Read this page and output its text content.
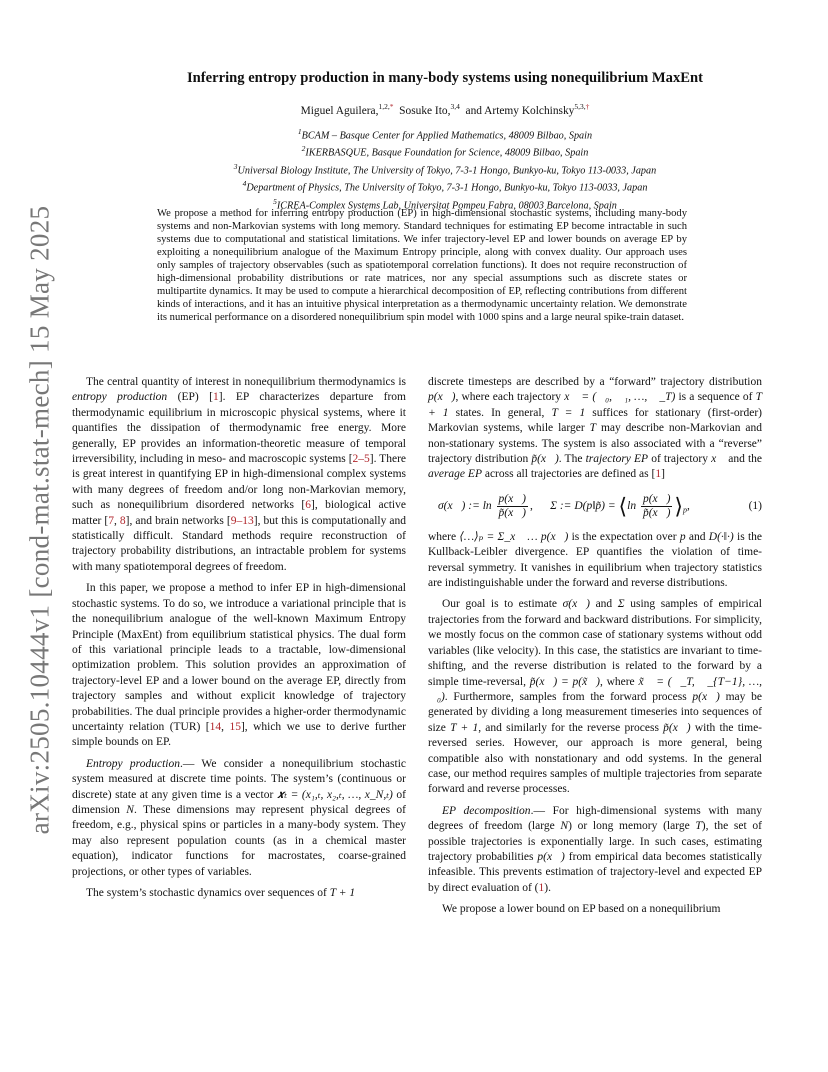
arXiv:2505.10444v1 [cond-mat.stat-mech] 15 May 2025
Inferring entropy production in many-body systems using nonequilibrium MaxEnt
Miguel Aguilera,$^{1,2,*}$ Sosuke Ito,$^{3,4}$ and Artemy Kolchinsky$^{5,3,\dagger}$
$^1$BCAM – Basque Center for Applied Mathematics, 48009 Bilbao, Spain
$^2$IKERBASQUE, Basque Foundation for Science, 48009 Bilbao, Spain
$^3$Universal Biology Institute, The University of Tokyo, 7-3-1 Hongo, Bunkyo-ku, Tokyo 113-0033, Japan
$^4$Department of Physics, The University of Tokyo, 7-3-1 Hongo, Bunkyo-ku, Tokyo 113-0033, Japan
$^5$ICREA-Complex Systems Lab, Universitat Pompeu Fabra, 08003 Barcelona, Spain
We propose a method for inferring entropy production (EP) in high-dimensional stochastic systems, including many-body systems and non-Markovian systems with long memory. Standard techniques for estimating EP become intractable in such systems due to computational and statistical limitations. We infer trajectory-level EP and lower bounds on average EP by exploiting a nonequilibrium analogue of the Maximum Entropy principle, along with convex duality. Our approach uses only samples of trajectory observables (such as spatiotemporal correlation functions). It does not require reconstruction of high-dimensional probability distributions or rate matrices, nor any special assumptions such as discrete states or multipartite dynamics. It may be used to compute a hierarchical decomposition of EP, reflecting contributions from different kinds of interactions, and it has an intuitive physical interpretation as a thermodynamic uncertainty relation. We demonstrate its numerical performance on a disordered nonequilibrium spin model with 1000 spins and a large neural spike-train dataset.

The central quantity of interest in nonequilibrium thermodynamics is entropy production (EP) [1]. EP characterizes departure from thermodynamic equilibrium in microscopic physical systems, where it quantifies the dissipation of thermodynamic free energy. More generally, EP provides an information-theoretic measure of temporal irreversibility, including in meso- and macroscopic systems [2–5]. There is great interest in quantifying EP in high-dimensional complex systems with many degrees of freedom and/or long non-Markovian memory, such as nonequilibrium disordered networks [6], biological active matter [7, 8], and brain networks [9–13], but this is computationally and statistically difficult. Standard methods require reconstruction of trajectory probability distributions, an intractable problem for systems with many spatiotemporal degrees of freedom.

In this paper, we propose a method to infer EP in high-dimensional stochastic systems. To do so, we introduce a variational principle that is the nonequilibrium analogue of the well-known Maximum Entropy Principle (MaxEnt) from equilibrium statistical physics. The dual form of this variational principle leads to a tractable, low-dimensional optimization problem. This solution provides an approximation of trajectory-level EP and a lower bound on the average EP, directly from trajectory samples and without explicit knowledge of trajectory probabilities. The dual principle provides a higher-order thermodynamic uncertainty relation (TUR) [14, 15], which we use to derive further simple bounds on EP.

Entropy production.— We consider a nonequilibrium stochastic system measured at discrete time points. The system’s (continuous or discrete) state at any given time is a vector 𝒙ₜ = (x₁,ₜ, x₂,ₜ, …, x_N,ₜ) of dimension N. These dimensions may represent physical degrees of freedom, e.g., physical spins or particles in a many-body system. They may also represent population counts (as in a chemical master equation), indicator functions for macrostates, coarse-grained projections, or other types of variables.

The system’s stochastic dynamics over sequences of T + 1

discrete timesteps are described by a “forward” trajectory distribution p(x⃗), where each trajectory x⃗ = (𝒙₀, 𝒙₁, …, 𝒙_T) is a sequence of T + 1 states. In general, T = 1 suffices for stationary (first-order) Markovian systems, while larger T may describe non-Markovian and non-stationary systems. The system is also associated with a “reverse” trajectory distribution p̃(x⃗). The trajectory EP of trajectory x⃗ and the average EP across all trajectories are defined as [1]

σ(x⃗) := $\ln \frac{p(x⃗)}{p̃(x⃗)}$ , Σ := D(p‖p̃) = ⟨ln $\frac{p(x⃗)}{p̃(x⃗)}$ $⟩_p$,	(1)

where ⟨…⟩ₚ = Σ_x⃗ … p(x⃗) is the expectation over p and D(·‖·) is the Kullback-Leibler divergence. EP quantifies the violation of time-reversal symmetry. It vanishes in equilibrium when trajectory statistics are indistinguishable under the forward and reverse distributions.

Our goal is to estimate σ(x⃗) and Σ using samples of empirical trajectories from the forward and backward distributions. For simplicity, we mostly focus on the common case of stationary systems without odd variables (like velocity). In this case, the statistics are invariant to time-shifting, and the reverse distribution is related to the forward by a simple time-reversal, p̃(x⃗) = p(x̃⃗), where x̃⃗ = (𝒙_T, 𝒙_{T−1}, …, 𝒙₀). Furthermore, samples from the forward process p(x⃗) may be generated by dividing a long measurement timeseries into sequences of size T + 1, and similarly for the reverse process p̃(x⃗) with the time-reversed series. However, our approach is more general, being compatible also with nonstationary and odd systems. In the general case, our method requires samples of multiple trajectories from separate forward and reverse processes.

EP decomposition.— For high-dimensional systems with many degrees of freedom (large N) or long memory (large T), the set of possible trajectories is exponentially large. In such cases, estimating trajectory probabilities p(x⃗) from empirical data becomes statistically infeasible. This prevents estimation of trajectory-level and expected EP by direct evaluation of (1).

We propose a lower bound on EP based on a nonequilibrium
